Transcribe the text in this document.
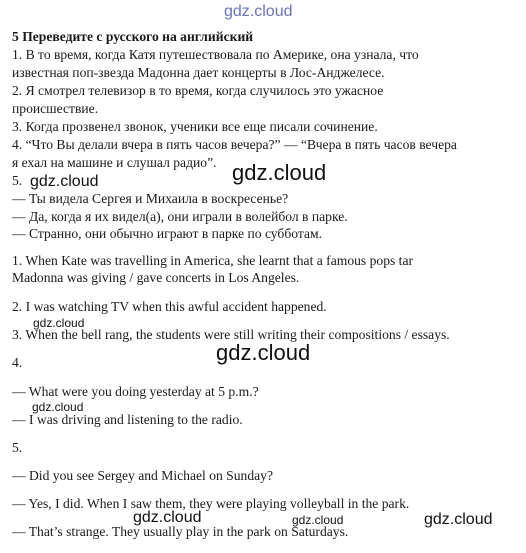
gdz.cloud
gdz.cloud	gdz.cloud
gdz.cloud
gdz.cloud
gdz.cloud
gdz.cloud	gdz.cloud	gdz.cloud
5 Переведите с русского на английский
1. В то время, когда Катя путешествовала по Америке, она узнала, что
известная поп-звезда Мадонна дает концерты в Лос-Анджелесе.
2. Я смотрел телевизор в то время, когда случилось это ужасное
происшествие.
3. Когда прозвенел звонок, ученики все еще писали сочинение.
4. “Что Вы делали вчера в пять часов вечера?” — “Вчера в пять часов вечера
я ехал на машине и слушал радио”.
5.
— Ты видела Сергея и Михаила в воскресенье?
— Да, когда я их видел(а), они играли в волейбол в парке.
— Странно, они обычно играют в парке по субботам.
1. When Kate was travelling in America, she learnt that a famous pops tar
Madonna was giving / gave concerts in Los Angeles.
2. I was watching TV when this awful accident happened.
3. When the bell rang, the students were still writing their compositions / essays.
4.
— What were you doing yesterday at 5 p.m.?
— I was driving and listening to the radio.
5.
— Did you see Sergey and Michael on Sunday?
— Yes, I did. When I saw them, they were playing volleyball in the park.
— That’s strange. They usually play in the park on Saturdays.
